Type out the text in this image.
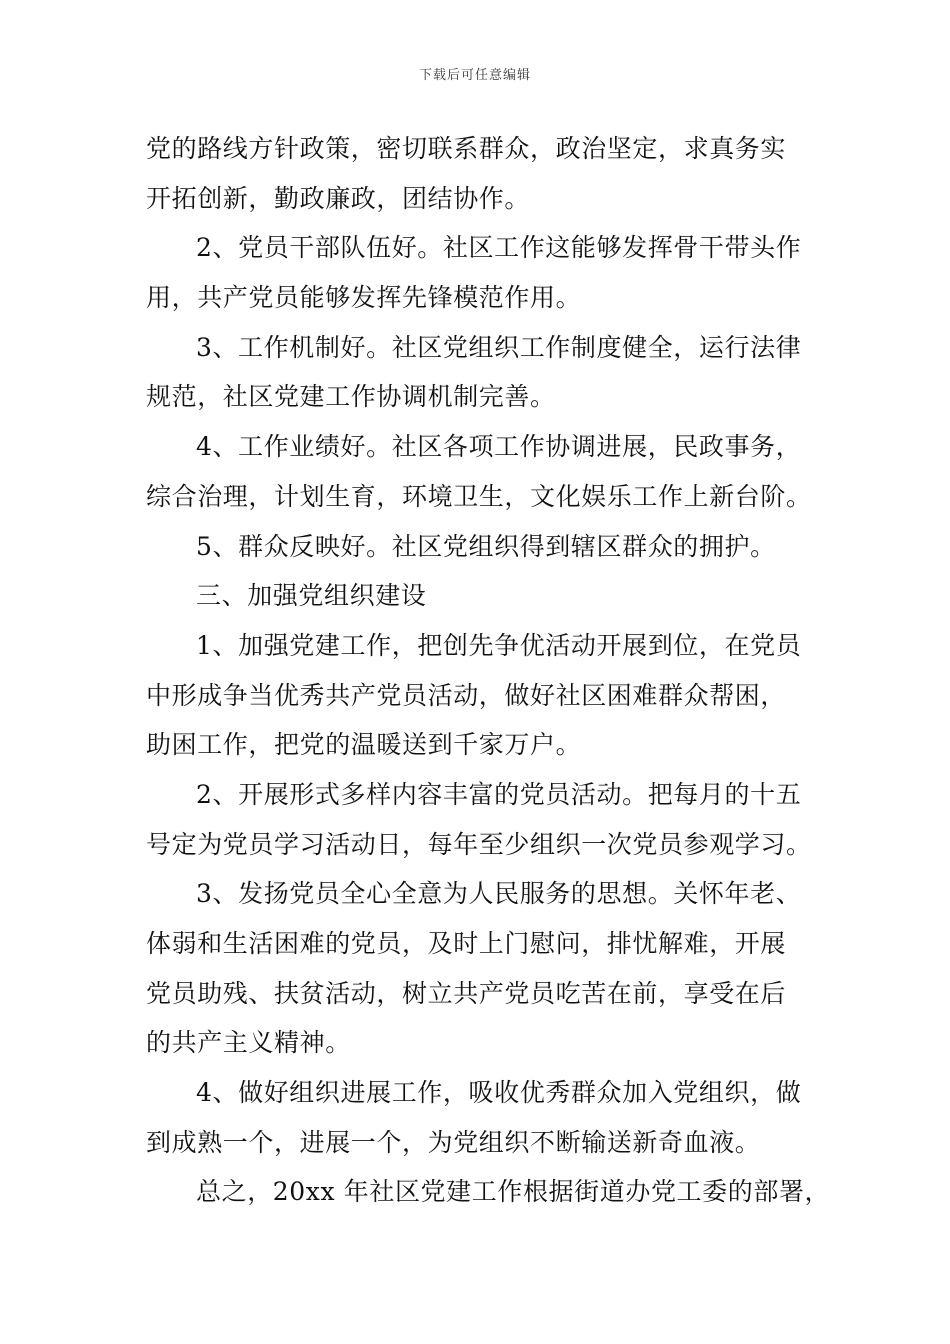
下载后可任意编辑
党的路线方针政策，密切联系群众，政治坚定，求真务实
开拓创新，勤政廉政，团结协作。
2、党员干部队伍好。社区工作这能够发挥骨干带头作
用，共产党员能够发挥先锋模范作用。
3、工作机制好。社区党组织工作制度健全，运行法律
规范，社区党建工作协调机制完善。
4、工作业绩好。社区各项工作协调进展，民政事务，
综合治理，计划生育，环境卫生，文化娱乐工作上新台阶。
5、群众反映好。社区党组织得到辖区群众的拥护。
三、加强党组织建设
1、加强党建工作，把创先争优活动开展到位，在党员
中形成争当优秀共产党员活动，做好社区困难群众帮困，
助困工作，把党的温暖送到千家万户。
2、开展形式多样内容丰富的党员活动。把每月的十五
号定为党员学习活动日，每年至少组织一次党员参观学习。
3、发扬党员全心全意为人民服务的思想。关怀年老、
体弱和生活困难的党员，及时上门慰问，排忧解难，开展
党员助残、扶贫活动，树立共产党员吃苦在前，享受在后
的共产主义精神。
4、做好组织进展工作，吸收优秀群众加入党组织，做
到成熟一个，进展一个，为党组织不断输送新奇血液。
总之，20xx 年社区党建工作根据街道办党工委的部署，
